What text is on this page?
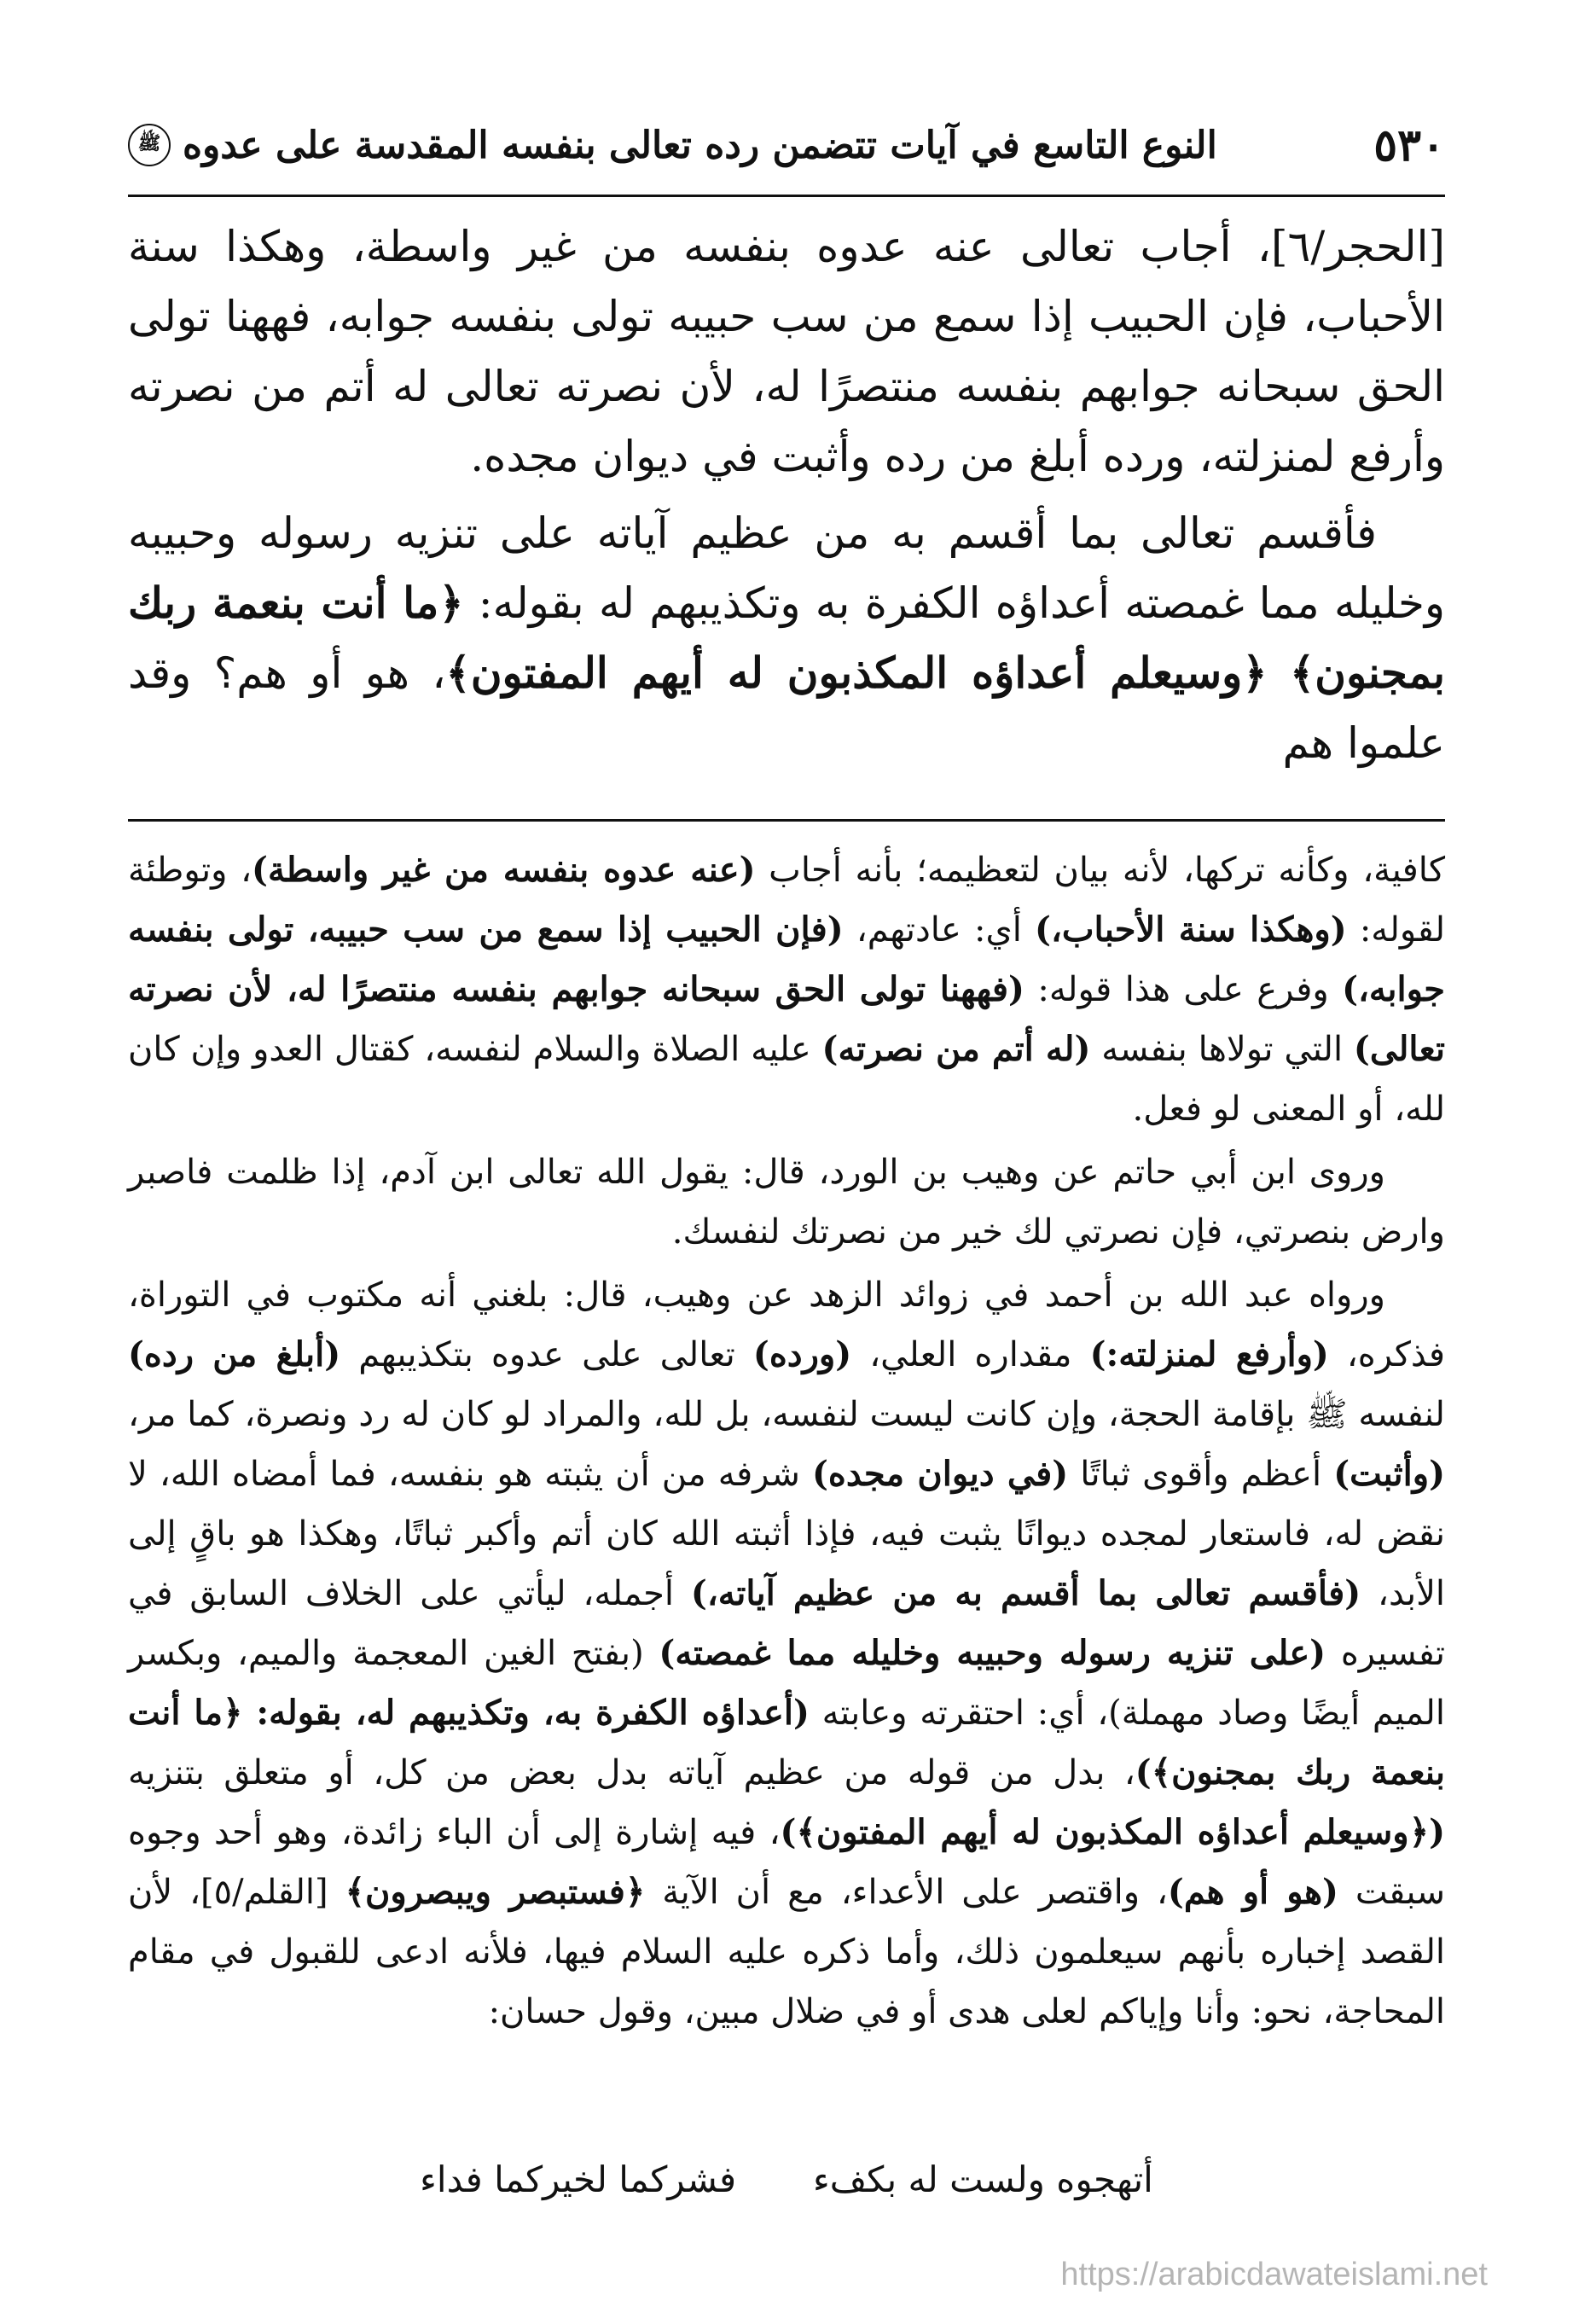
٥٣٠
النوع التاسع في آيات تتضمن رده تعالى بنفسه المقدسة على عدوه
ﷺ

[الحجر/٦]، أجاب تعالى عنه عدوه بنفسه من غير واسطة، وهكذا سنة الأحباب، فإن الحبيب إذا سمع من سب حبيبه تولى بنفسه جوابه، فههنا تولى الحق سبحانه جوابهم بنفسه منتصرًا له، لأن نصرته تعالى له أتم من نصرته وأرفع لمنزلته، ورده أبلغ من رده وأثبت في ديوان مجده.

فأقسم تعالى بما أقسم به من عظيم آياته على تنزيه رسوله وحبيبه وخليله مما غمصته أعداؤه الكفرة به وتكذيبهم له بقوله: ﴿ما أنت بنعمة ربك بمجنون﴾ ﴿وسيعلم أعداؤه المكذبون له أيهم المفتون﴾، هو أو هم؟ وقد علموا هم

كافية، وكأنه تركها، لأنه بيان لتعظيمه؛ بأنه أجاب (عنه عدوه بنفسه من غير واسطة)، وتوطئة لقوله: (وهكذا سنة الأحباب،) أي: عادتهم، (فإن الحبيب إذا سمع من سب حبيبه، تولى بنفسه جوابه،) وفرع على هذا قوله: (فههنا تولى الحق سبحانه جوابهم بنفسه منتصرًا له، لأن نصرته تعالى) التي تولاها بنفسه (له أتم من نصرته) عليه الصلاة والسلام لنفسه، كقتال العدو وإن كان لله، أو المعنى لو فعل.

وروى ابن أبي حاتم عن وهيب بن الورد، قال: يقول الله تعالى ابن آدم، إذا ظلمت فاصبر وارض بنصرتي، فإن نصرتي لك خير من نصرتك لنفسك.

ورواه عبد الله بن أحمد في زوائد الزهد عن وهيب، قال: بلغني أنه مكتوب في التوراة، فذكره، (وأرفع لمنزلته:) مقداره العلي، (ورده) تعالى على عدوه بتكذيبهم (أبلغ من رده) لنفسه ﷺ بإقامة الحجة، وإن كانت ليست لنفسه، بل لله، والمراد لو كان له رد ونصرة، كما مر، (وأثبت) أعظم وأقوى ثباتًا (في ديوان مجده) شرفه من أن يثبته هو بنفسه، فما أمضاه الله، لا نقض له، فاستعار لمجده ديوانًا يثبت فيه، فإذا أثبته الله كان أتم وأكبر ثباتًا، وهكذا هو باقٍ إلى الأبد، (فأقسم تعالى بما أقسم به من عظيم آياته،) أجمله، ليأتي على الخلاف السابق في تفسيره (على تنزيه رسوله وحبيبه وخليله مما غمصته) (بفتح الغين المعجمة والميم، وبكسر الميم أيضًا وصاد مهملة)، أي: احتقرته وعابته (أعداؤه الكفرة به، وتكذيبهم له، بقوله: ﴿ما أنت بنعمة ربك بمجنون﴾)، بدل من قوله من عظيم آياته بدل بعض من كل، أو متعلق بتنزيه (﴿وسيعلم أعداؤه المكذبون له أيهم المفتون﴾)، فيه إشارة إلى أن الباء زائدة، وهو أحد وجوه سبقت (هو أو هم)، واقتصر على الأعداء، مع أن الآية ﴿فستبصر ويبصرون﴾ [القلم/٥]، لأن القصد إخباره بأنهم سيعلمون ذلك، وأما ذكره عليه السلام فيها، فلأنه ادعى للقبول في مقام المحاجة، نحو: وأنا وإياكم لعلى هدى أو في ضلال مبين، وقول حسان:

أتهجوه ولست له بكفء
فشركما لخيركما فداء
https://arabicdawateislami.net
